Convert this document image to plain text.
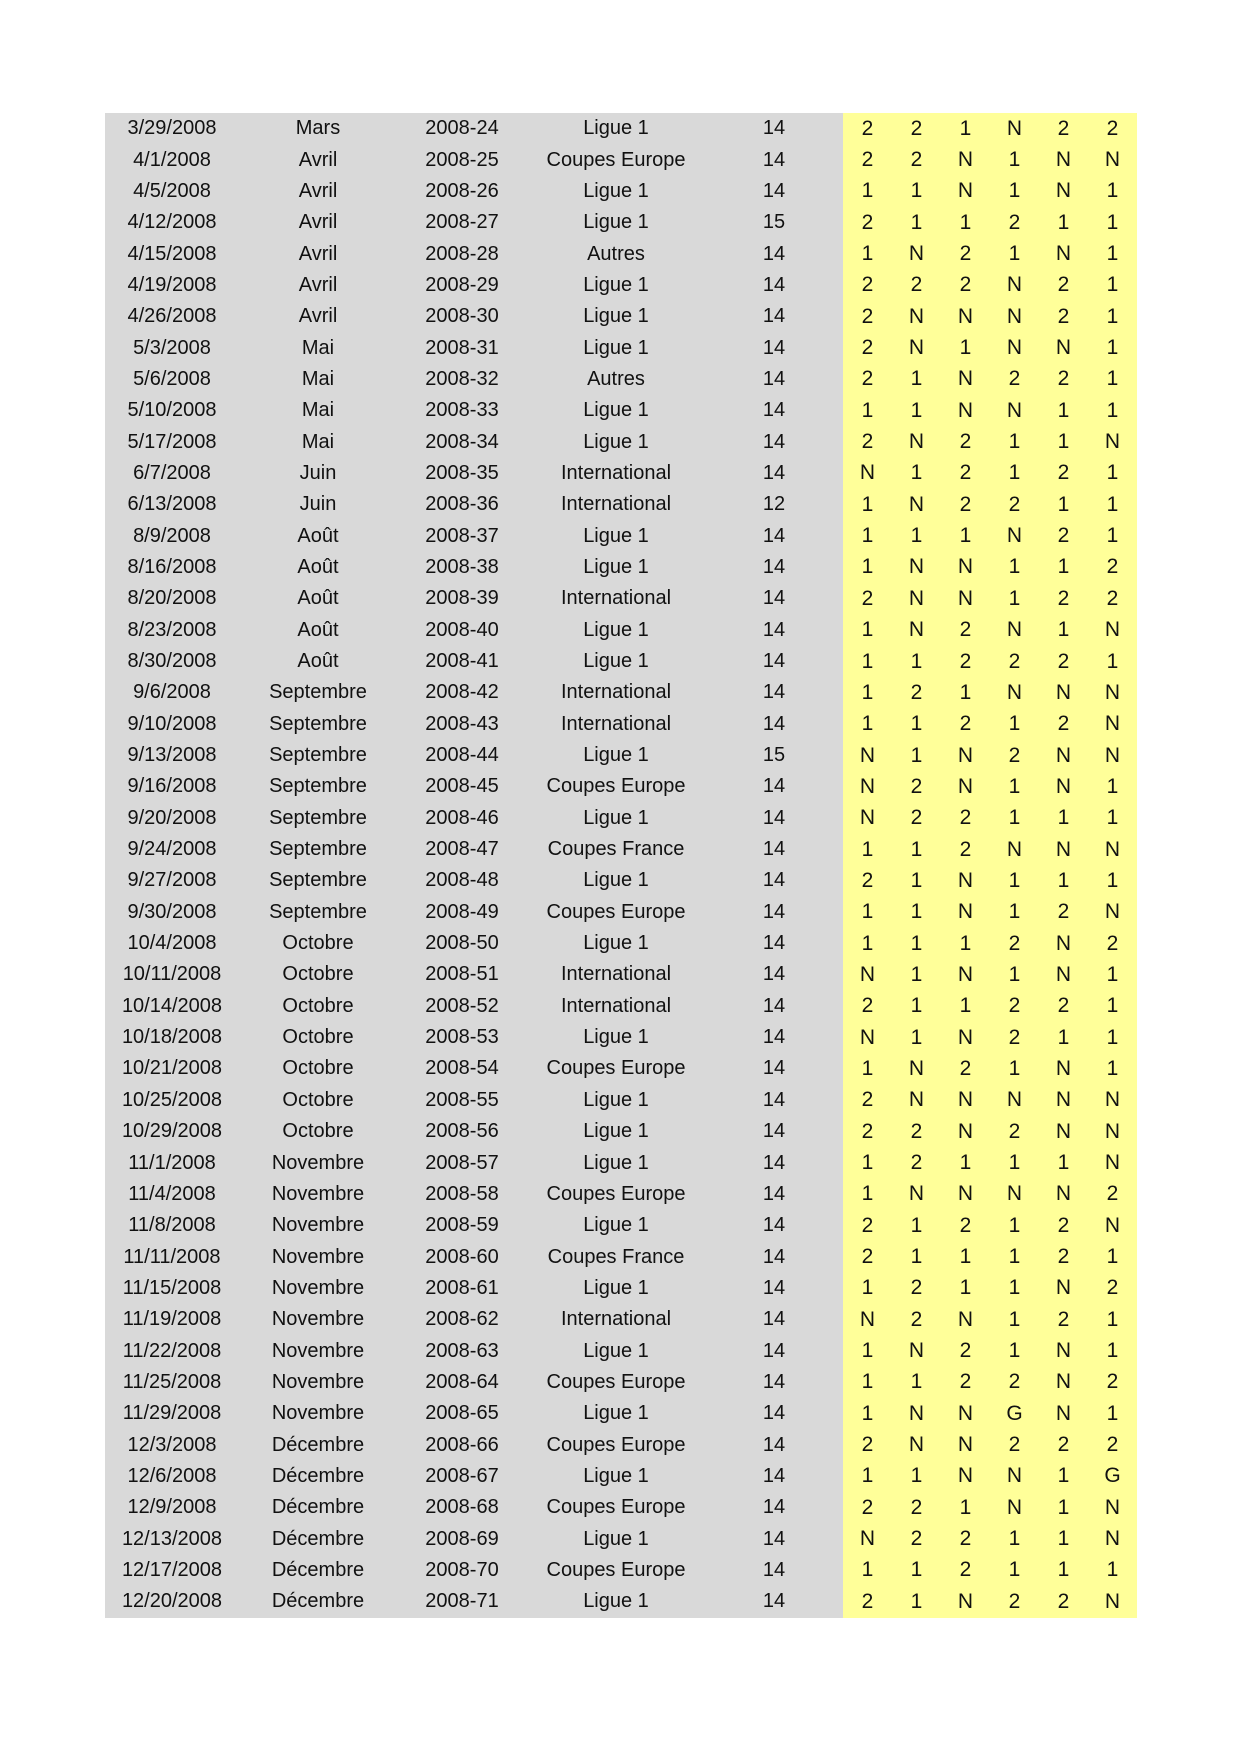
3/29/2008	Mars	2008-24	Ligue 1	14	2	2	1	N	2	2
4/1/2008	Avril	2008-25	Coupes Europe	14	2	2	N	1	N	N
4/5/2008	Avril	2008-26	Ligue 1	14	1	1	N	1	N	1
4/12/2008	Avril	2008-27	Ligue 1	15	2	1	1	2	1	1
4/15/2008	Avril	2008-28	Autres	14	1	N	2	1	N	1
4/19/2008	Avril	2008-29	Ligue 1	14	2	2	2	N	2	1
4/26/2008	Avril	2008-30	Ligue 1	14	2	N	N	N	2	1
5/3/2008	Mai	2008-31	Ligue 1	14	2	N	1	N	N	1
5/6/2008	Mai	2008-32	Autres	14	2	1	N	2	2	1
5/10/2008	Mai	2008-33	Ligue 1	14	1	1	N	N	1	1
5/17/2008	Mai	2008-34	Ligue 1	14	2	N	2	1	1	N
6/7/2008	Juin	2008-35	International	14	N	1	2	1	2	1
6/13/2008	Juin	2008-36	International	12	1	N	2	2	1	1
8/9/2008	Août	2008-37	Ligue 1	14	1	1	1	N	2	1
8/16/2008	Août	2008-38	Ligue 1	14	1	N	N	1	1	2
8/20/2008	Août	2008-39	International	14	2	N	N	1	2	2
8/23/2008	Août	2008-40	Ligue 1	14	1	N	2	N	1	N
8/30/2008	Août	2008-41	Ligue 1	14	1	1	2	2	2	1
9/6/2008	Septembre	2008-42	International	14	1	2	1	N	N	N
9/10/2008	Septembre	2008-43	International	14	1	1	2	1	2	N
9/13/2008	Septembre	2008-44	Ligue 1	15	N	1	N	2	N	N
9/16/2008	Septembre	2008-45	Coupes Europe	14	N	2	N	1	N	1
9/20/2008	Septembre	2008-46	Ligue 1	14	N	2	2	1	1	1
9/24/2008	Septembre	2008-47	Coupes France	14	1	1	2	N	N	N
9/27/2008	Septembre	2008-48	Ligue 1	14	2	1	N	1	1	1
9/30/2008	Septembre	2008-49	Coupes Europe	14	1	1	N	1	2	N
10/4/2008	Octobre	2008-50	Ligue 1	14	1	1	1	2	N	2
10/11/2008	Octobre	2008-51	International	14	N	1	N	1	N	1
10/14/2008	Octobre	2008-52	International	14	2	1	1	2	2	1
10/18/2008	Octobre	2008-53	Ligue 1	14	N	1	N	2	1	1
10/21/2008	Octobre	2008-54	Coupes Europe	14	1	N	2	1	N	1
10/25/2008	Octobre	2008-55	Ligue 1	14	2	N	N	N	N	N
10/29/2008	Octobre	2008-56	Ligue 1	14	2	2	N	2	N	N
11/1/2008	Novembre	2008-57	Ligue 1	14	1	2	1	1	1	N
11/4/2008	Novembre	2008-58	Coupes Europe	14	1	N	N	N	N	2
11/8/2008	Novembre	2008-59	Ligue 1	14	2	1	2	1	2	N
11/11/2008	Novembre	2008-60	Coupes France	14	2	1	1	1	2	1
11/15/2008	Novembre	2008-61	Ligue 1	14	1	2	1	1	N	2
11/19/2008	Novembre	2008-62	International	14	N	2	N	1	2	1
11/22/2008	Novembre	2008-63	Ligue 1	14	1	N	2	1	N	1
11/25/2008	Novembre	2008-64	Coupes Europe	14	1	1	2	2	N	2
11/29/2008	Novembre	2008-65	Ligue 1	14	1	N	N	G	N	1
12/3/2008	Décembre	2008-66	Coupes Europe	14	2	N	N	2	2	2
12/6/2008	Décembre	2008-67	Ligue 1	14	1	1	N	N	1	G
12/9/2008	Décembre	2008-68	Coupes Europe	14	2	2	1	N	1	N
12/13/2008	Décembre	2008-69	Ligue 1	14	N	2	2	1	1	N
12/17/2008	Décembre	2008-70	Coupes Europe	14	1	1	2	1	1	1
12/20/2008	Décembre	2008-71	Ligue 1	14	2	1	N	2	2	N
